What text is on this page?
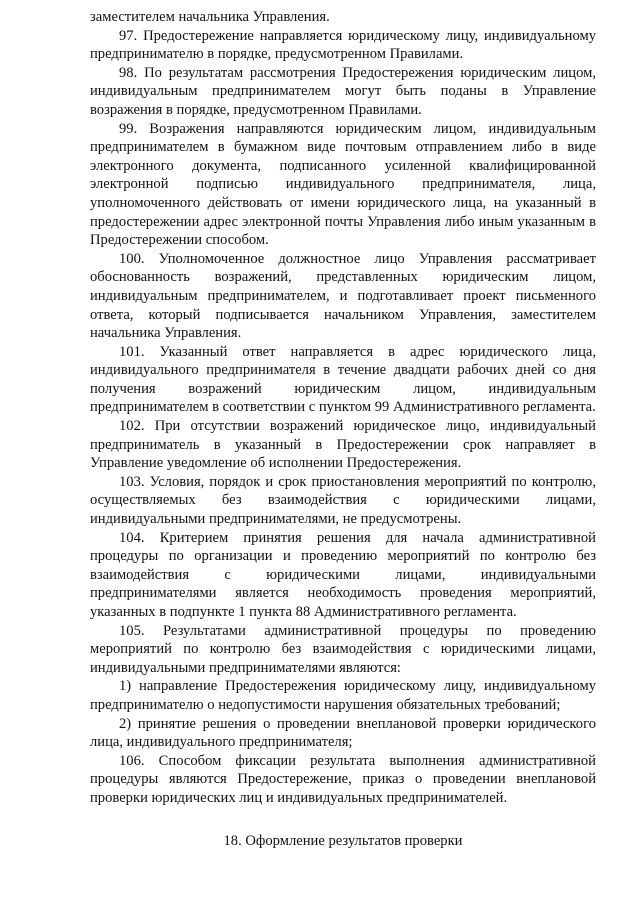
заместителем начальника Управления.

97. Предостережение направляется юридическому лицу, индивидуальному предпринимателю в порядке, предусмотренном Правилами.

98. По результатам рассмотрения Предостережения юридическим лицом, индивидуальным предпринимателем могут быть поданы в Управление возражения в порядке, предусмотренном Правилами.

99. Возражения направляются юридическим лицом, индивидуальным предпринимателем в бумажном виде почтовым отправлением либо в виде электронного документа, подписанного усиленной квалифицированной электронной подписью индивидуального предпринимателя, лица, уполномоченного действовать от имени юридического лица, на указанный в предостережении адрес электронной почты Управления либо иным указанным в Предостережении способом.

100. Уполномоченное должностное лицо Управления рассматривает обоснованность возражений, представленных юридическим лицом, индивидуальным предпринимателем, и подготавливает проект письменного ответа, который подписывается начальником Управления, заместителем начальника Управления.

101. Указанный ответ направляется в адрес юридического лица, индивидуального предпринимателя в течение двадцати рабочих дней со дня получения возражений юридическим лицом, индивидуальным предпринимателем в соответствии с пунктом 99 Административного регламента.

102. При отсутствии возражений юридическое лицо, индивидуальный предприниматель в указанный в Предостережении срок направляет в Управление уведомление об исполнении Предостережения.

103. Условия, порядок и срок приостановления мероприятий по контролю, осуществляемых без взаимодействия с юридическими лицами, индивидуальными предпринимателями, не предусмотрены.

104. Критерием принятия решения для начала административной процедуры по организации и проведению мероприятий по контролю без взаимодействия с юридическими лицами, индивидуальными предпринимателями является необходимость проведения мероприятий, указанных в подпункте 1 пункта 88 Административного регламента.

105. Результатами административной процедуры по проведению мероприятий по контролю без взаимодействия с юридическими лицами, индивидуальными предпринимателями являются:

1) направление Предостережения юридическому лицу, индивидуальному предпринимателю о недопустимости нарушения обязательных требований;

2) принятие решения о проведении внеплановой проверки юридического лица, индивидуального предпринимателя;

106. Способом фиксации результата выполнения административной процедуры являются Предостережение, приказ о проведении внеплановой проверки юридических лиц и индивидуальных предпринимателей.

18. Оформление результатов проверки
